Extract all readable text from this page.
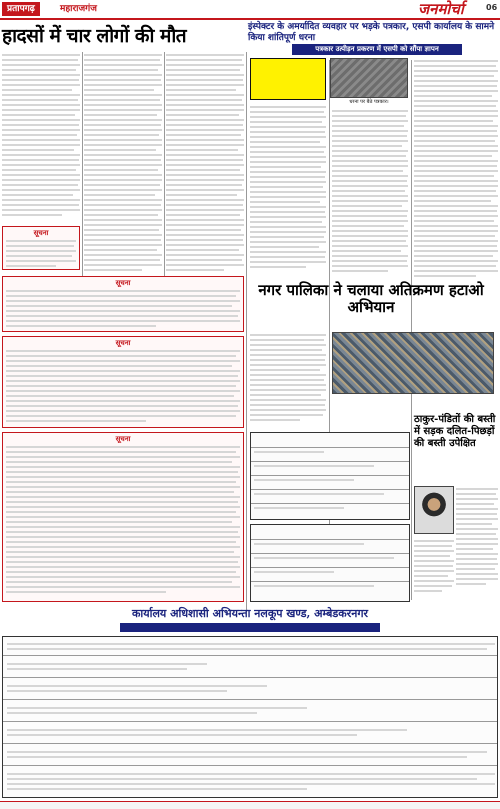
प्रतापगढ़	महाराजगंज	जनमोर्चा	06
हादसों में चार लोगों की मौत	इंस्पेक्टर के अमर्यादित व्यवहार पर भड़के पत्रकार, एसपी कार्यालय के सामने किया शांतिपूर्ण धरना
पत्रकार उत्पीड़न प्रकरण में एसपी को सौंपा ज्ञापन
धरना पर बैठे पत्रकार।
सूचना
सूचना
सूचना
सूचना
नगर पालिका ने चलाया अतिक्रमण हटाओ अभियान
ठाकुर-पंडितों की बस्ती में सड़क दलित-पिछड़ों की बस्ती उपेक्षित
कार्यालय अधिशासी अभियन्ता नलकूप खण्ड, अम्बेडकरनगर
